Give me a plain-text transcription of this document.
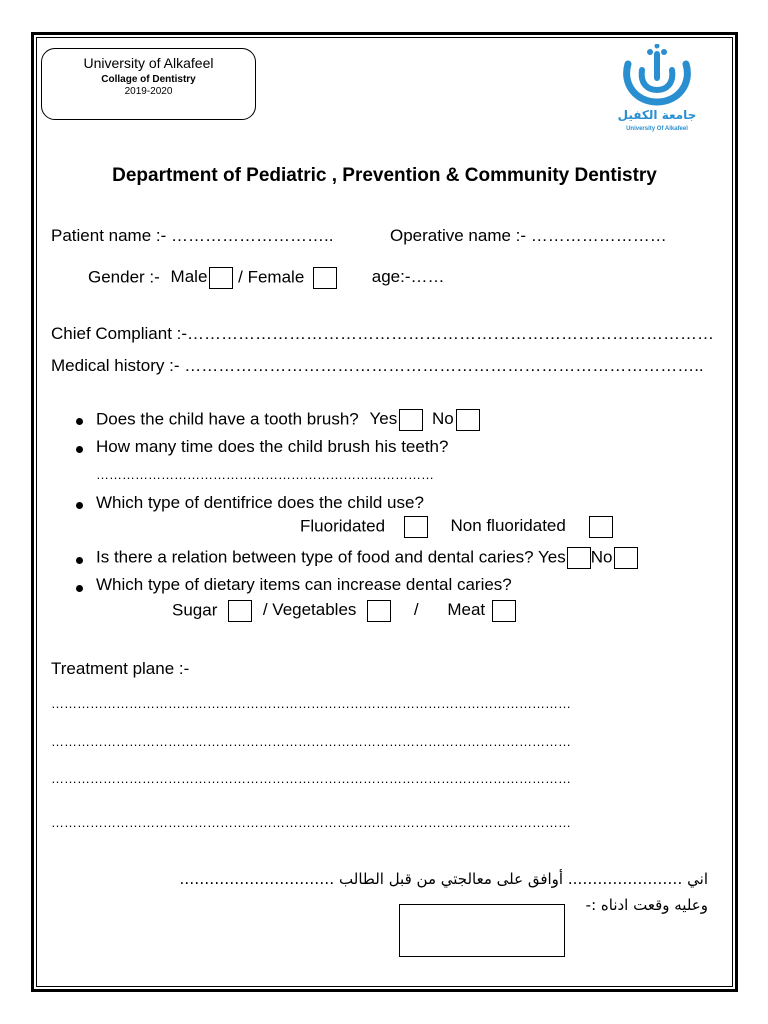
University of Alkafeel
Collage of Dentistry
2019-2020
جامعة الكفيل
University Of Alkafeel
Department of Pediatric , Prevention & Community Dentistry
Patient name :- ………………………..	Operative name :- ……………………
Gender :- Male / Female	age:-……
Chief Compliant :-…………………………………………………………………………………
Medical history :- ………………………………………………………………………………..
Does the child have a tooth brush? Yes No
How many time does the child brush his teeth?
……………………………………………………………………
Which type of dentifrice does the child use?
Fluoridated	Non fluoridated
Is there a relation between type of food and dental caries? Yes No
Which type of dietary items can increase dental caries?
Sugar	/ Vegetables	/ Meat
Treatment plane :-
…………………………………………………………………………………………………………
…………………………………………………………………………………………………………
…………………………………………………………………………………………………………
…………………………………………………………………………………………………………
اني ………………….. أوافق على معالجتي من قبل الطالب ………………………….
وعليه وقعت ادناه :-
